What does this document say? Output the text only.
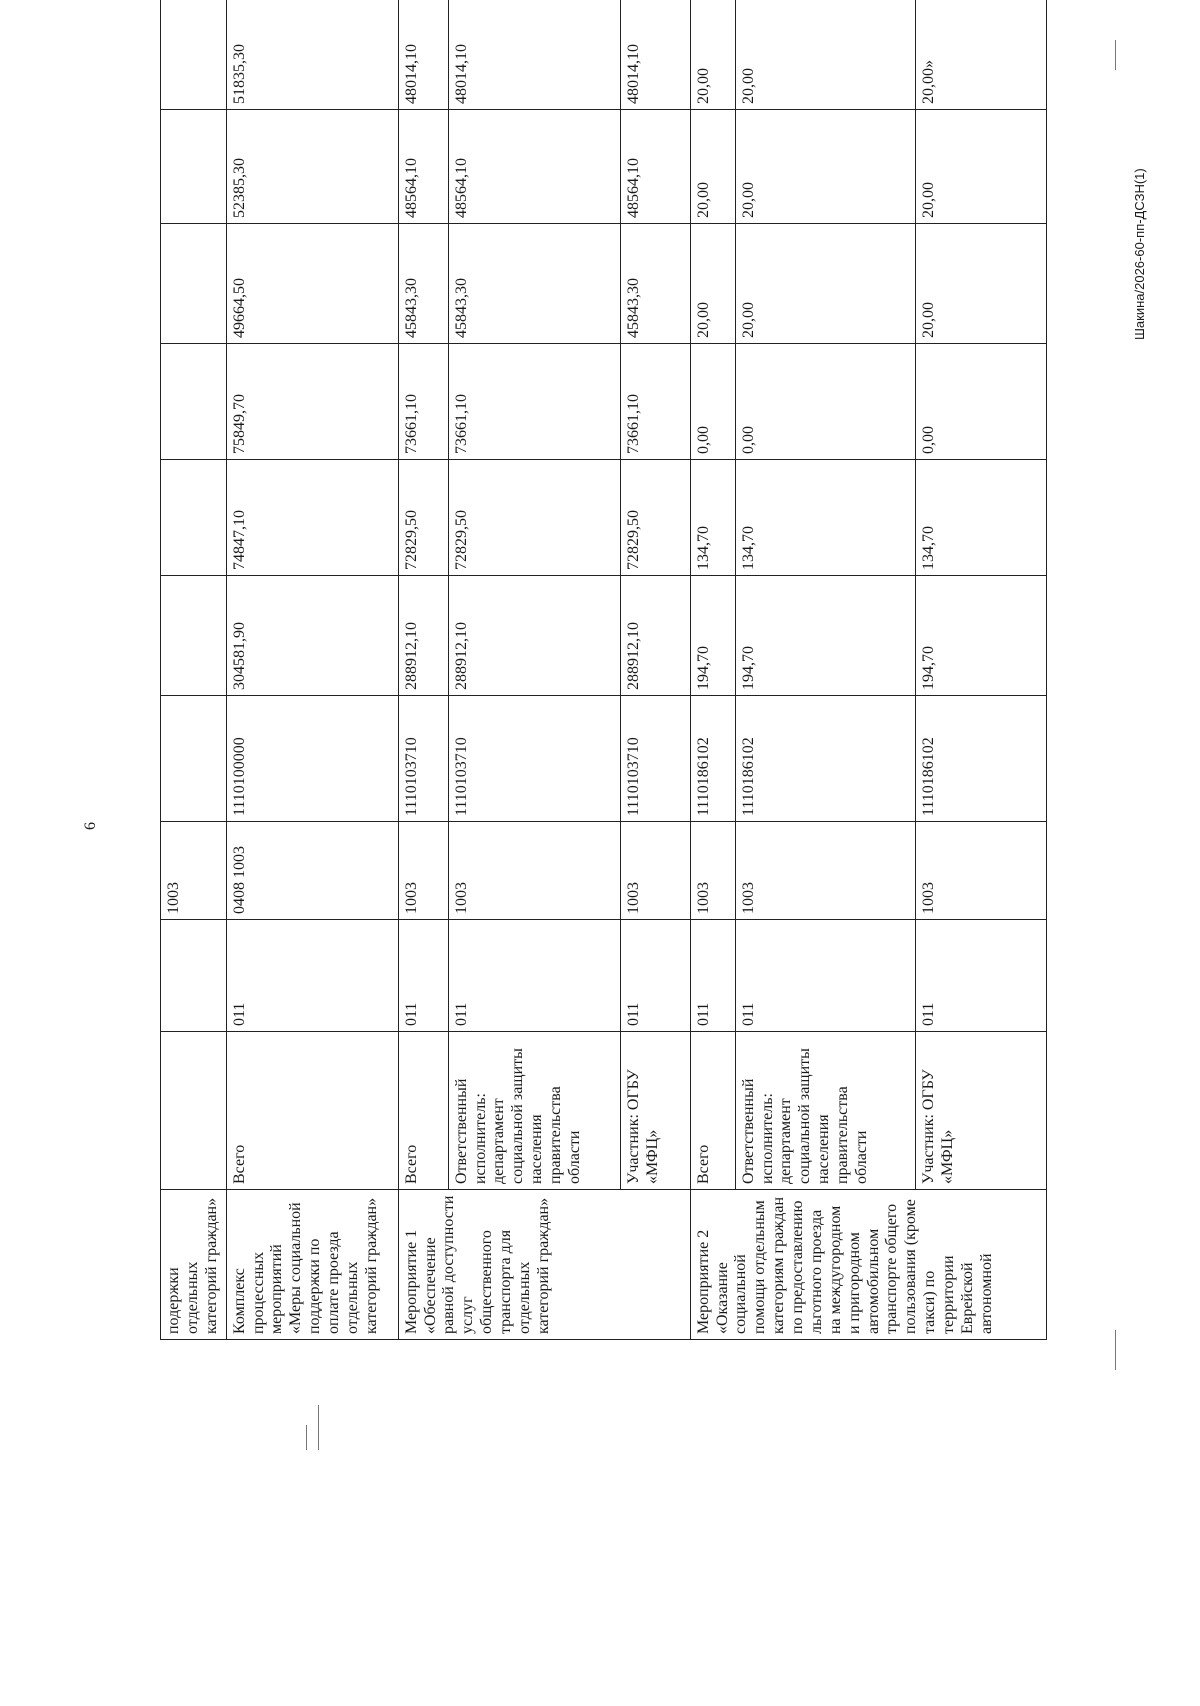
6
Шакина/2026-60-пп-ДСЗН(1)
подержки отдельных категорий граждан»			1003							
Комплекс процессных мероприятий «Меры социальной поддержки по оплате проезда отдельных категорий граждан»	Всего	011	0408 1003	1110100000	304581,90	74847,10	75849,70	49664,50	52385,30	51835,30
Мероприятие 1 «Обеспечение равной доступности услуг общественного транспорта для отдельных категорий граждан»	Всего	011	1003	1110103710	288912,10	72829,50	73661,10	45843,30	48564,10	48014,10
	Ответственный исполнитель: департамент социальной защиты населения правительства области	011	1003	1110103710	288912,10	72829,50	73661,10	45843,30	48564,10	48014,10
	Участник: ОГБУ «МФЦ»	011	1003	1110103710	288912,10	72829,50	73661,10	45843,30	48564,10	48014,10
Мероприятие 2 «Оказание социальной помощи отдельным категориям граждан по предоставлению льготного проезда на междугородном и пригородном автомобильном транспорте общего пользования (кроме такси) по территории Еврейской автономной	Всего	011	1003	1110186102	194,70	134,70	0,00	20,00	20,00	20,00
	Ответственный исполнитель: департамент социальной защиты населения правительства области	011	1003	1110186102	194,70	134,70	0,00	20,00	20,00	20,00
	Участник: ОГБУ «МФЦ»	011	1003	1110186102	194,70	134,70	0,00	20,00	20,00	20,00»
